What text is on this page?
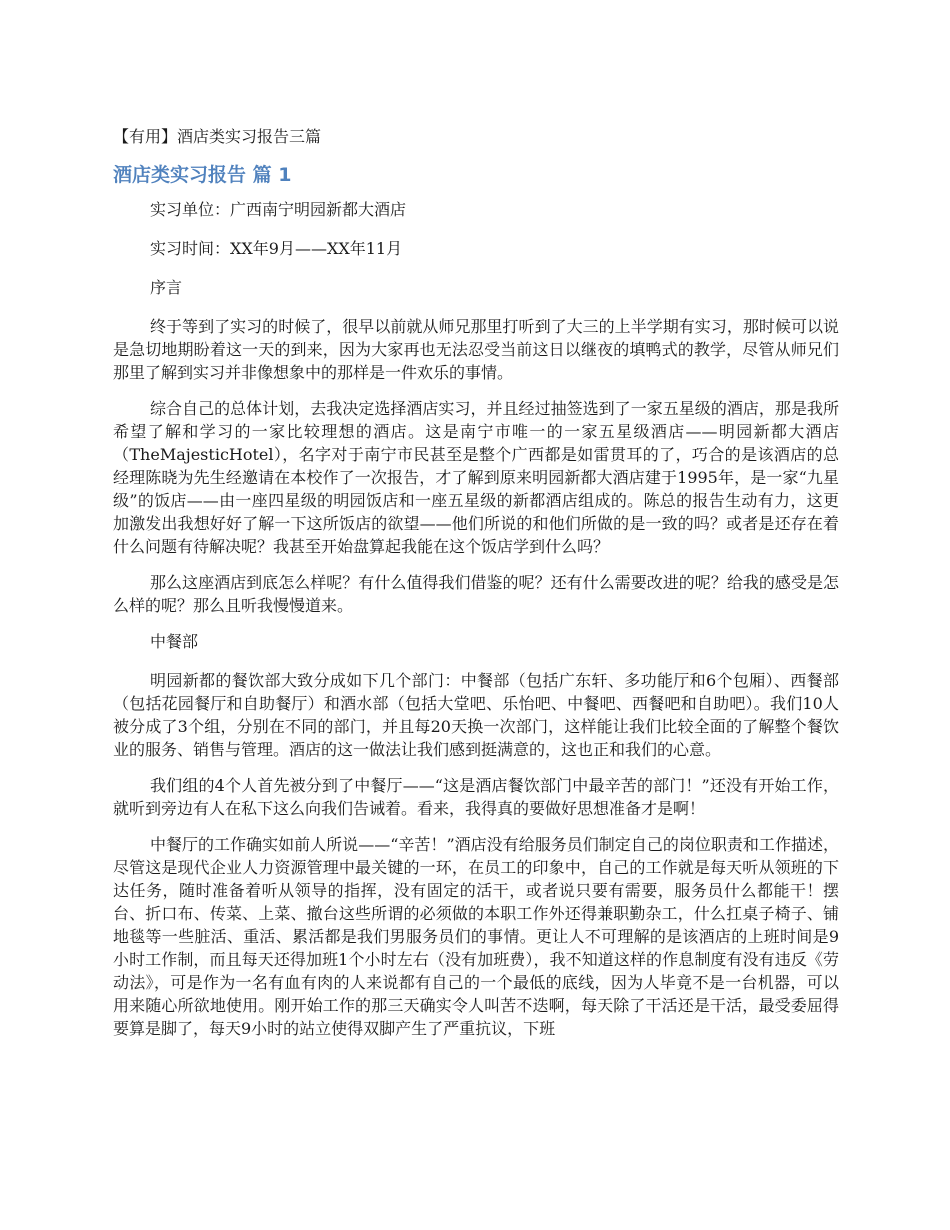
【有用】酒店类实习报告三篇
酒店类实习报告 篇 1

实习单位：广西南宁明园新都大酒店

实习时间：XX年9月——XX年11月

序言

终于等到了实习的时候了，很早以前就从师兄那里打听到了大三的上半学期有实习，那时候可以说是急切地期盼着这一天的到来，因为大家再也无法忍受当前这日以继夜的填鸭式的教学，尽管从师兄们那里了解到实习并非像想象中的那样是一件欢乐的事情。

综合自己的总体计划，去我决定选择酒店实习，并且经过抽签选到了一家五星级的酒店，那是我所希望了解和学习的一家比较理想的酒店。这是南宁市唯一的一家五星级酒店——明园新都大酒店（TheMajesticHotel），名字对于南宁市民甚至是整个广西都是如雷贯耳的了，巧合的是该酒店的总经理陈晓为先生经邀请在本校作了一次报告，才了解到原来明园新都大酒店建于1995年，是一家“九星级”的饭店——由一座四星级的明园饭店和一座五星级的新都酒店组成的。陈总的报告生动有力，这更加激发出我想好好了解一下这所饭店的欲望——他们所说的和他们所做的是一致的吗？或者是还存在着什么问题有待解决呢？我甚至开始盘算起我能在这个饭店学到什么吗？

那么这座酒店到底怎么样呢？有什么值得我们借鉴的呢？还有什么需要改进的呢？给我的感受是怎么样的呢？那么且听我慢慢道来。

中餐部

明园新都的餐饮部大致分成如下几个部门：中餐部（包括广东轩、多功能厅和6个包厢）、西餐部（包括花园餐厅和自助餐厅）和酒水部（包括大堂吧、乐怡吧、中餐吧、西餐吧和自助吧）。我们10人被分成了3个组，分别在不同的部门，并且每20天换一次部门，这样能让我们比较全面的了解整个餐饮业的服务、销售与管理。酒店的这一做法让我们感到挺满意的，这也正和我们的心意。

我们组的4个人首先被分到了中餐厅——“这是酒店餐饮部门中最辛苦的部门！”还没有开始工作，就听到旁边有人在私下这么向我们告诫着。看来，我得真的要做好思想准备才是啊！

中餐厅的工作确实如前人所说——“辛苦！”酒店没有给服务员们制定自己的岗位职责和工作描述，尽管这是现代企业人力资源管理中最关键的一环，在员工的印象中，自己的工作就是每天听从领班的下达任务，随时准备着听从领导的指挥，没有固定的活干，或者说只要有需要，服务员什么都能干！摆台、折口布、传菜、上菜、撤台这些所谓的必须做的本职工作外还得兼职勤杂工，什么扛桌子椅子、铺地毯等一些脏活、重活、累活都是我们男服务员们的事情。更让人不可理解的是该酒店的上班时间是9小时工作制，而且每天还得加班1个小时左右（没有加班费），我不知道这样的作息制度有没有违反《劳动法》，可是作为一名有血有肉的人来说都有自己的一个最低的底线，因为人毕竟不是一台机器，可以用来随心所欲地使用。刚开始工作的那三天确实令人叫苦不迭啊，每天除了干活还是干活，最受委屈得要算是脚了，每天9小时的站立使得双脚产生了严重抗议，下班
